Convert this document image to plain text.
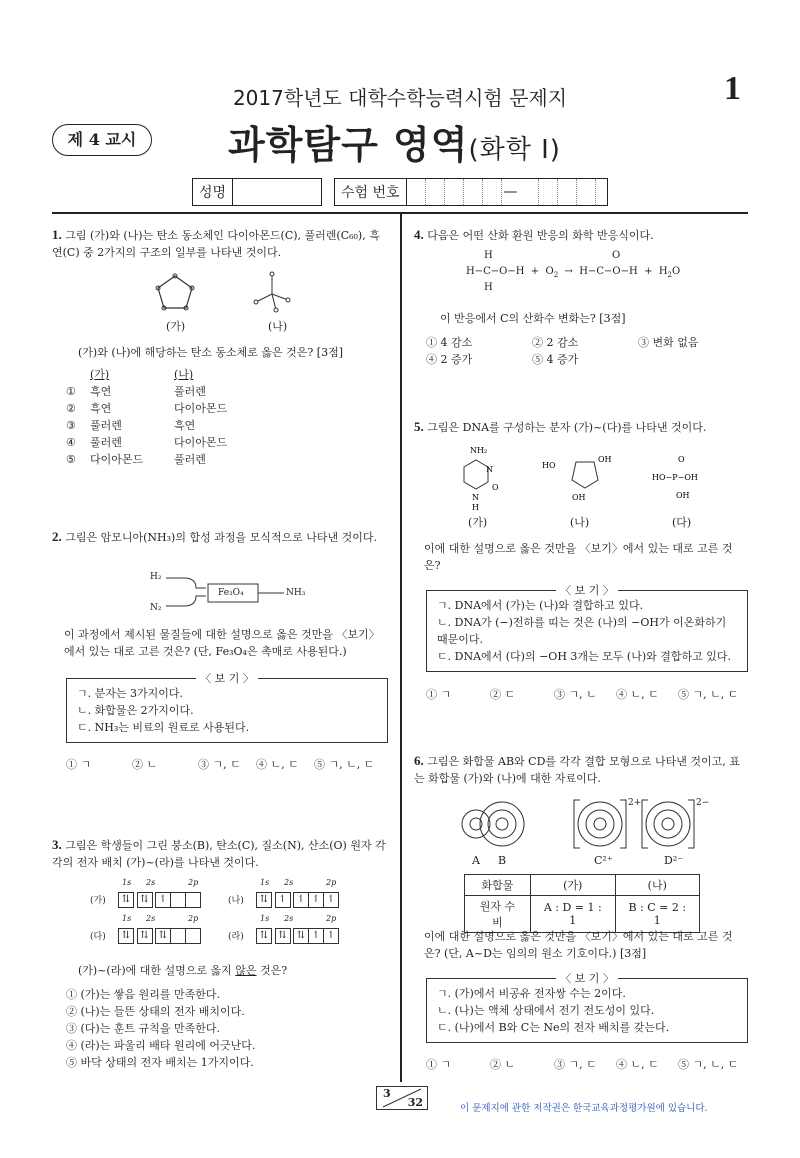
2017학년도 대학수학능력시험 문제지	1
제 4 교시	과학탐구 영역(화학 I)
성명	수험 번호	—
1. 그림 (가)와 (나)는 탄소 동소체인 다이아몬드(C), 풀러렌(C₆₀), 흑연(C) 중 2가지의 구조의 일부를 나타낸 것이다.
(가)	(나)
(가)와 (나)에 해당하는 탄소 동소체로 옳은 것은? [3점]
(가)	(나)
①	흑연	풀러렌
②	흑연	다이아몬드
③	풀러렌	흑연
④	풀러렌	다이아몬드
⑤	다이아몬드	풀러렌
2. 그림은 암모니아(NH₃)의 합성 과정을 모식적으로 나타낸 것이다.
H₂
N₂
Fe₃O₄	NH₃
이 과정에서 제시된 물질들에 대한 설명으로 옳은 것만을 〈보기〉에서 있는 대로 고른 것은? (단, Fe₃O₄은 촉매로 사용된다.)
〈 보 기 〉
ㄱ. 분자는 3가지이다.
ㄴ. 화합물은 2가지이다.
ㄷ. NH₃는 비료의 원료로 사용된다.
① ㄱ	② ㄴ	③ ㄱ, ㄷ ④ ㄴ, ㄷ ⑤ ㄱ, ㄴ, ㄷ
3. 그림은 학생들이 그린 붕소(B), 탄소(C), 질소(N), 산소(O) 원자 각각의 전자 배치 (가)~(라)를 나타낸 것이다.
1s 2s	2p	1s 2s	2p
(가) ⇅ ⇅ ↿	(나) ⇅ ↿ ↿ ↿ ↿
1s 2s	2p	1s 2s	2p
(다) ⇅ ⇅ ⇅	(라) ⇅ ⇅ ⇅ ↿ ↿
(가)~(라)에 대한 설명으로 옳지 않은 것은?
① (가)는 쌓음 원리를 만족한다.
② (나)는 들뜬 상태의 전자 배치이다.
③ (다)는 훈트 규칙을 만족한다.
④ (라)는 파울리 배타 원리에 어긋난다.
⑤ 바닥 상태의 전자 배치는 1가지이다.
4. 다음은 어떤 산화 환원 반응의 화학 반응식이다.
H
$H-C-O-H + O_2 \to H-C-O-H + H_2O$
H
O
이 반응에서 C의 산화수 변화는? [3점]
① 4 감소	② 2 감소	③ 변화 없음
④ 2 증가	⑤ 4 증가
5. 그림은 DNA를 구성하는 분자 (가)~(다)를 나타낸 것이다.
NH₂
N
O
N
H
HO
OH
OH
O
HO−P−OH
OH
(가)	(나)	(다)
이에 대한 설명으로 옳은 것만을 〈보기〉에서 있는 대로 고른 것은?
〈 보 기 〉
ㄱ. DNA에서 (가)는 (나)와 결합하고 있다.
ㄴ. DNA가 (−)전하를 띠는 것은 (나)의 −OH가 이온화하기 때문이다.
ㄷ. DNA에서 (다)의 −OH 3개는 모두 (나)와 결합하고 있다.
① ㄱ	② ㄷ	③ ㄱ, ㄴ ④ ㄴ, ㄷ ⑤ ㄱ, ㄴ, ㄷ
6. 그림은 화합물 AB와 CD를 각각 결합 모형으로 나타낸 것이고, 표는 화합물 (가)와 (나)에 대한 자료이다.
2+	2−
A B	C²⁺	D²⁻
화합물	(가)	(나)
원자 수 비	A : D = 1 : 1	B : C = 2 : 1
이에 대한 설명으로 옳은 것만을 〈보기〉에서 있는 대로 고른 것은? (단, A~D는 임의의 원소 기호이다.) [3점]
〈 보 기 〉
ㄱ. (가)에서 비공유 전자쌍 수는 2이다.
ㄴ. (나)는 액체 상태에서 전기 전도성이 있다.
ㄷ. (나)에서 B와 C는 Ne의 전자 배치를 갖는다.
① ㄱ	② ㄴ	③ ㄱ, ㄷ ④ ㄴ, ㄷ ⑤ ㄱ, ㄴ, ㄷ
3
32	이 문제지에 관한 저작권은 한국교육과정평가원에 있습니다.
